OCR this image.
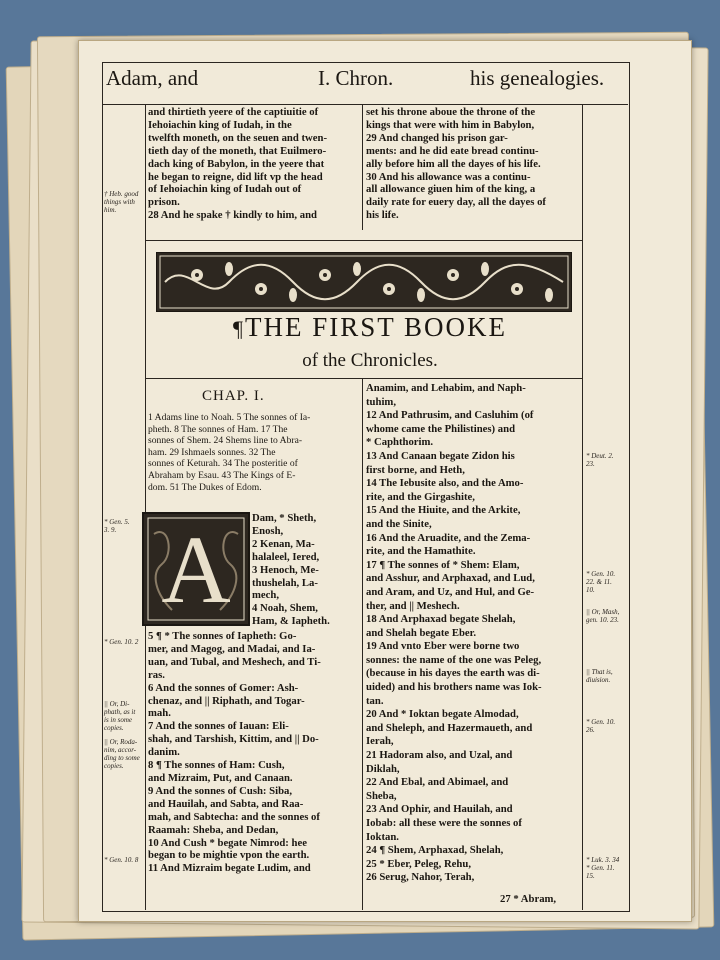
Adam, and	I. Chron.	his genealogies.
† Heb. good
things with
him.
and thirtieth yeere of the captiuitie of
Iehoiachin king of Iudah, in the
twelfth moneth, on the seuen and twen-
tieth day of the moneth, that Euilmero-
dach king of Babylon, in the yeere that
he began to reigne, did lift vp the head
of Iehoiachin king of Iudah out of
prison.
28 And he spake † kindly to him, and
set his throne aboue the throne of the
kings that were with him in Babylon,
29 And changed his prison gar-
ments: and he did eate bread continu-
ally before him all the dayes of his life.
30 And his allowance was a continu-
all allowance giuen him of the king, a
daily rate for euery day, all the dayes of
his life.
¶THE FIRST BOOKE
of the Chronicles.
CHAP. I.
1 Adams line to Noah. 5 The sonnes of Ia-
pheth. 8 The sonnes of Ham. 17 The
sonnes of Shem. 24 Shems line to Abra-
ham. 29 Ishmaels sonnes. 32 The
sonnes of Keturah. 34 The posteritie of
Abraham by Esau. 43 The Kings of E-
dom. 51 The Dukes of Edom.
A	Dam, * Sheth,
Enosh,
2 Kenan, Ma-
halaleel, Iered,
3 Henoch, Me-
thushelah, La-
mech,
4 Noah, Shem,
Ham, & Iapheth.
5 ¶ * The sonnes of Iapheth: Go-
mer, and Magog, and Madai, and Ia-
uan, and Tubal, and Meshech, and Ti-
ras.
6 And the sonnes of Gomer: Ash-
chenaz, and || Riphath, and Togar-
mah.
7 And the sonnes of Iauan: Eli-
shah, and Tarshish, Kittim, and || Do-
danim.
8 ¶ The sonnes of Ham: Cush,
and Mizraim, Put, and Canaan.
9 And the sonnes of Cush: Siba,
and Hauilah, and Sabta, and Raa-
mah, and Sabtecha: and the sonnes of
Raamah: Sheba, and Dedan,
10 And Cush * begate Nimrod: hee
began to be mightie vpon the earth.
11 And Mizraim begate Ludim, and
Anamim, and Lehabim, and Naph-
tuhim,
12 And Pathrusim, and Casluhim (of
whome came the Philistines) and
* Caphthorim.
13 And Canaan begate Zidon his
first borne, and Heth,
14 The Iebusite also, and the Amo-
rite, and the Girgashite,
15 And the Hiuite, and the Arkite,
and the Sinite,
16 And the Aruadite, and the Zema-
rite, and the Hamathite.
17 ¶ The sonnes of * Shem: Elam,
and Asshur, and Arphaxad, and Lud,
and Aram, and Uz, and Hul, and Ge-
ther, and || Meshech.
18 And Arphaxad begate Shelah,
and Shelah begate Eber.
19 And vnto Eber were borne two
sonnes: the name of the one was Peleg,
(because in his dayes the earth was di-
uided) and his brothers name was Iok-
tan.
20 And * Ioktan begate Almodad,
and Sheleph, and Hazermaueth, and
Ierah,
21 Hadoram also, and Uzal, and
Diklah,
22 And Ebal, and Abimael, and
Sheba,
23 And Ophir, and Hauilah, and
Iobab: all these were the sonnes of
Ioktan.
24 ¶ Shem, Arphaxad, Shelah,
25 * Eber, Peleg, Rehu,
26 Serug, Nahor, Terah,
27 * Abram,
* Gen. 5.
3. 9.
* Gen. 10. 2
|| Or, Di-
phath, as it
is in some
copies.
|| Or, Roda-
nim, accor-
ding to some
copies.
* Gen. 10. 8
* Deut. 2.
23.
* Gen. 10.
22. & 11.
10.
|| Or, Mash,
gen. 10. 23.
|| That is,
diuision.
* Gen. 10.
26.
* Luk. 3. 34
* Gen. 11.
15.
